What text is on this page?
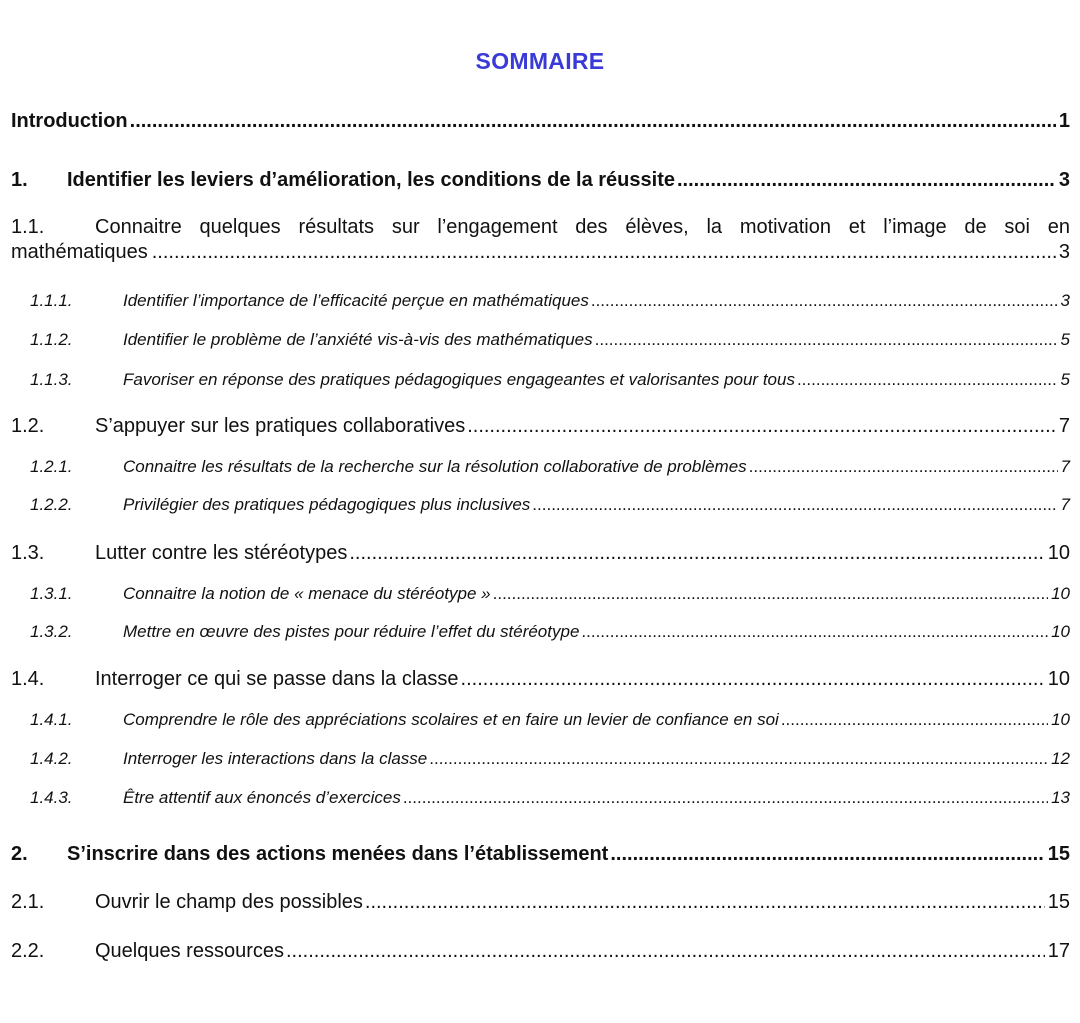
SOMMAIRE
Introduction .....	1
1.	Identifier les leviers d’amélioration, les conditions de la réussite .....	3
1.1.	Connaitre quelques résultats sur l’engagement des élèves, la motivation et l’image de soi en
mathématiques .....	3
1.1.1.	Identifier l’importance de l’efficacité perçue en mathématiques .....	3
1.1.2.	Identifier le problème de l’anxiété vis-à-vis des mathématiques .....	5
1.1.3.	Favoriser en réponse des pratiques pédagogiques engageantes et valorisantes pour tous .....	5
1.2.	S’appuyer sur les pratiques collaboratives .....	7
1.2.1.	Connaitre les résultats de la recherche sur la résolution collaborative de problèmes .....	7
1.2.2.	Privilégier des pratiques pédagogiques plus inclusives .....	7
1.3.	Lutter contre les stéréotypes .....	10
1.3.1.	Connaitre la notion de « menace du stéréotype » .....	10
1.3.2.	Mettre en œuvre des pistes pour réduire l’effet du stéréotype .....	10
1.4.	Interroger ce qui se passe dans la classe .....	10
1.4.1.	Comprendre le rôle des appréciations scolaires et en faire un levier de confiance en soi .....	10
1.4.2.	Interroger les interactions dans la classe .....	12
1.4.3.	Être attentif aux énoncés d’exercices .....	13
2.	S’inscrire dans des actions menées dans l’établissement .....	15
2.1.	Ouvrir le champ des possibles .....	15
2.2.	Quelques ressources .....	17
